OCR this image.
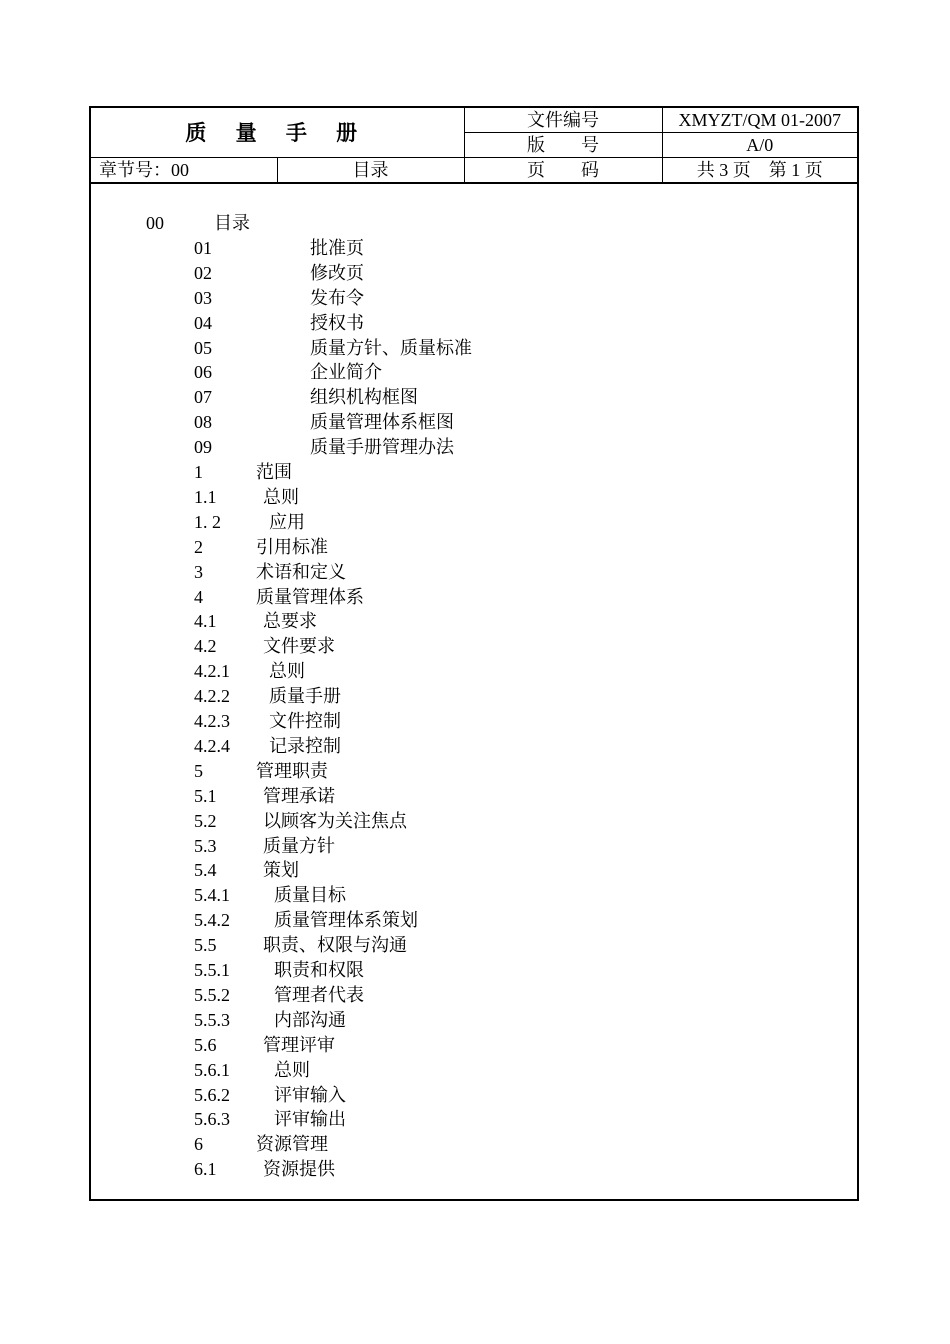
质 量 手 册		文件编号	XMYZT/QM 01-2007
		版　　号	A/0
章节号：00	目录	页　　码	共 3 页　第 1 页
00	目录
01	批准页
02	修改页
03	发布令
04	授权书
05	质量方针、质量标准
06	企业简介
07	组织机构框图
08	质量管理体系框图
09	质量手册管理办法
1	范围
1.1	总则
1. 2	应用
2	引用标准
3	术语和定义
4	质量管理体系
4.1	总要求
4.2	文件要求
4.2.1 总则
4.2.2 质量手册
4.2.3 文件控制
4.2.4 记录控制
5	管理职责
5.1	管理承诺
5.2	以顾客为关注焦点
5.3	质量方针
5.4	策划
5.4.1 质量目标
5.4.2 质量管理体系策划
5.5	职责、权限与沟通
5.5.1 职责和权限
5.5.2 管理者代表
5.5.3 内部沟通
5.6	管理评审
5.6.1 总则
5.6.2 评审输入
5.6.3 评审输出
6	资源管理
6.1	资源提供
